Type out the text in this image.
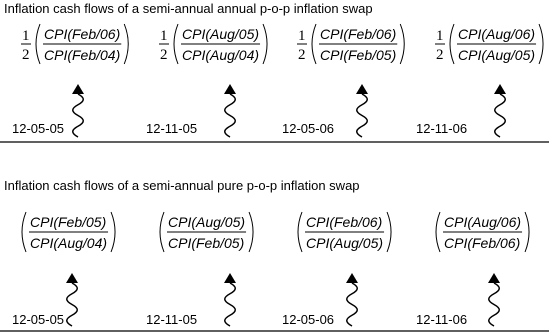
Inflation cash flows of a semi-annual annual p-o-p inflation swap
1
2
CPI(Feb/06)
CPI(Feb/04)
12-05-05
1
2
CPI(Aug/05)
CPI(Aug/04)
12-11-05
1
2
CPI(Feb/06)
CPI(Feb/05)
12-05-06
1
2
CPI(Aug/06)
CPI(Aug/05)
12-11-06
Inflation cash flows of a semi-annual pure p-o-p inflation swap
CPI(Feb/05)
CPI(Aug/04)
12-05-05
CPI(Aug/05)
CPI(Feb/05)
12-11-05
CPI(Feb/06)
CPI(Aug/05)
12-05-06
CPI(Aug/06)
CPI(Feb/06)
12-11-06
